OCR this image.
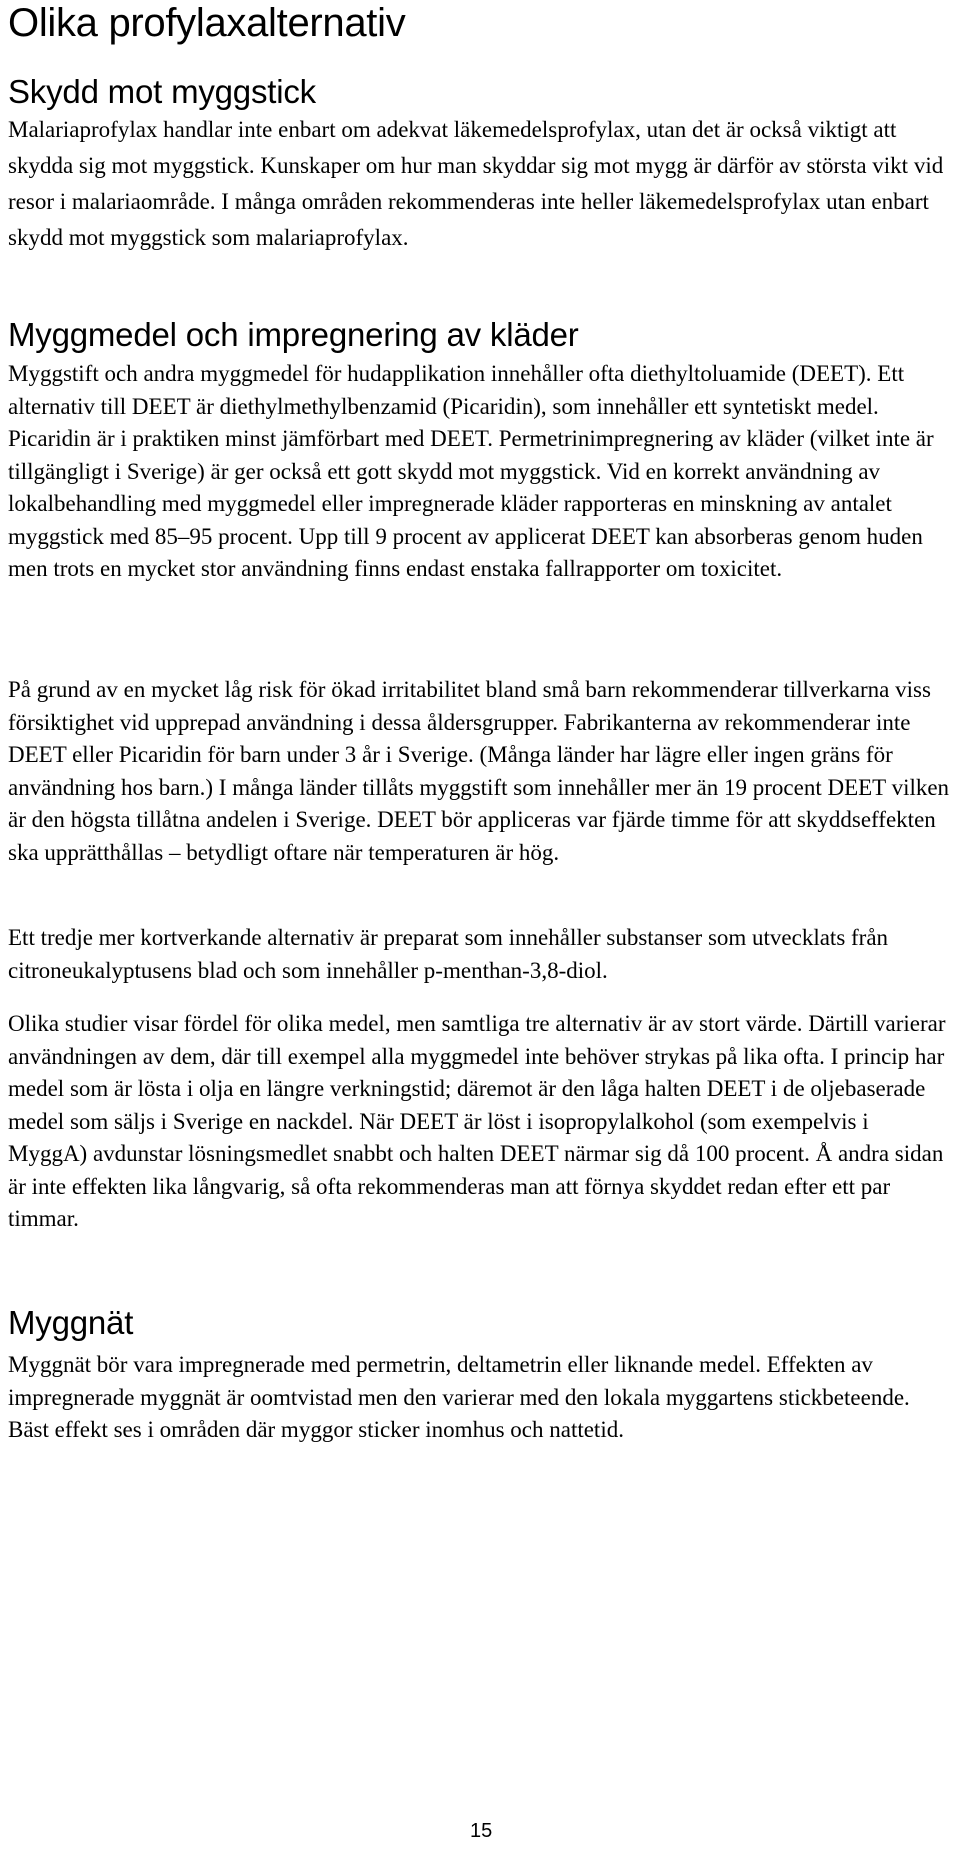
Olika profylaxalternativ
Skydd mot myggstick

Malariaprofylax handlar inte enbart om adekvat läkemedelsprofylax, utan det är också viktigt att skydda sig mot myggstick. Kunskaper om hur man skyddar sig mot mygg är därför av största vikt vid resor i malariaområde. I många områden rekommenderas inte heller läkemedelsprofylax utan enbart skydd mot myggstick som malariaprofylax.

Myggmedel och impregnering av kläder

Myggstift och andra myggmedel för hudapplikation innehåller ofta diethyltoluamide (DEET). Ett alternativ till DEET är diethylmethylbenzamid (Picaridin), som innehåller ett syntetiskt medel. Picaridin är i praktiken minst jämförbart med DEET. Permetrinimpregnering av kläder (vilket inte är tillgängligt i Sverige) är ger också ett gott skydd mot myggstick. Vid en korrekt användning av lokalbehandling med myggmedel eller impregnerade kläder rapporteras en minskning av antalet myggstick med 85–95 procent. Upp till 9 procent av applicerat DEET kan absorberas genom huden men trots en mycket stor användning finns endast enstaka fallrapporter om toxicitet.

På grund av en mycket låg risk för ökad irritabilitet bland små barn rekommenderar tillverkarna viss försiktighet vid upprepad användning i dessa åldersgrupper. Fabrikanterna av rekommenderar inte DEET eller Picaridin för barn under 3 år i Sverige. (Många länder har lägre eller ingen gräns för användning hos barn.) I många länder tillåts myggstift som innehåller mer än 19 procent DEET vilken är den högsta tillåtna andelen i Sverige. DEET bör appliceras var fjärde timme för att skyddseffekten ska upprätthållas – betydligt oftare när temperaturen är hög.

Ett tredje mer kortverkande alternativ är preparat som innehåller substanser som utvecklats från citroneukalyptusens blad och som innehåller p-menthan-3,8-diol.

Olika studier visar fördel för olika medel, men samtliga tre alternativ är av stort värde. Därtill varierar användningen av dem, där till exempel alla myggmedel inte behöver strykas på lika ofta. I princip har medel som är lösta i olja en längre verkningstid; däremot är den låga halten DEET i de oljebaserade medel som säljs i Sverige en nackdel. När DEET är löst i isopropylalkohol (som exempelvis i MyggA) avdunstar lösningsmedlet snabbt och halten DEET närmar sig då 100 procent. Å andra sidan är inte effekten lika långvarig, så ofta rekommenderas man att förnya skyddet redan efter ett par timmar.

Myggnät

Myggnät bör vara impregnerade med permetrin, deltametrin eller liknande medel. Effekten av impregnerade myggnät är oomtvistad men den varierar med den lokala myggartens stickbeteende. Bäst effekt ses i områden där myggor sticker inomhus och nattetid.

15
